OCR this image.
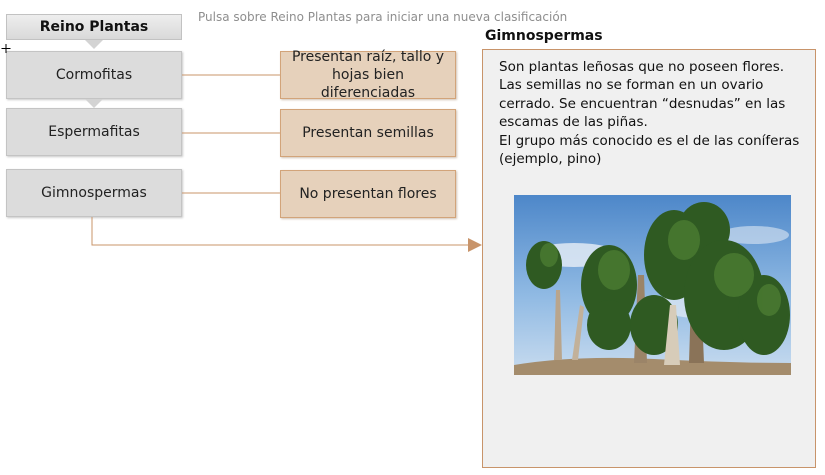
Pulsa sobre Reino Plantas para iniciar una nueva clasificación
Reino Plantas
Cormofitas
Espermafitas
Gimnospermas
Presentan raíz, tallo y hojas bien diferenciadas
Presentan semillas
No presentan flores
Gimnospermas

Son plantas leñosas que no poseen flores. Las semillas no se forman en un ovario cerrado. Se encuentran “desnudas” en las escamas de las piñas.

El grupo más conocido es el de las coníferas (ejemplo, pino)
